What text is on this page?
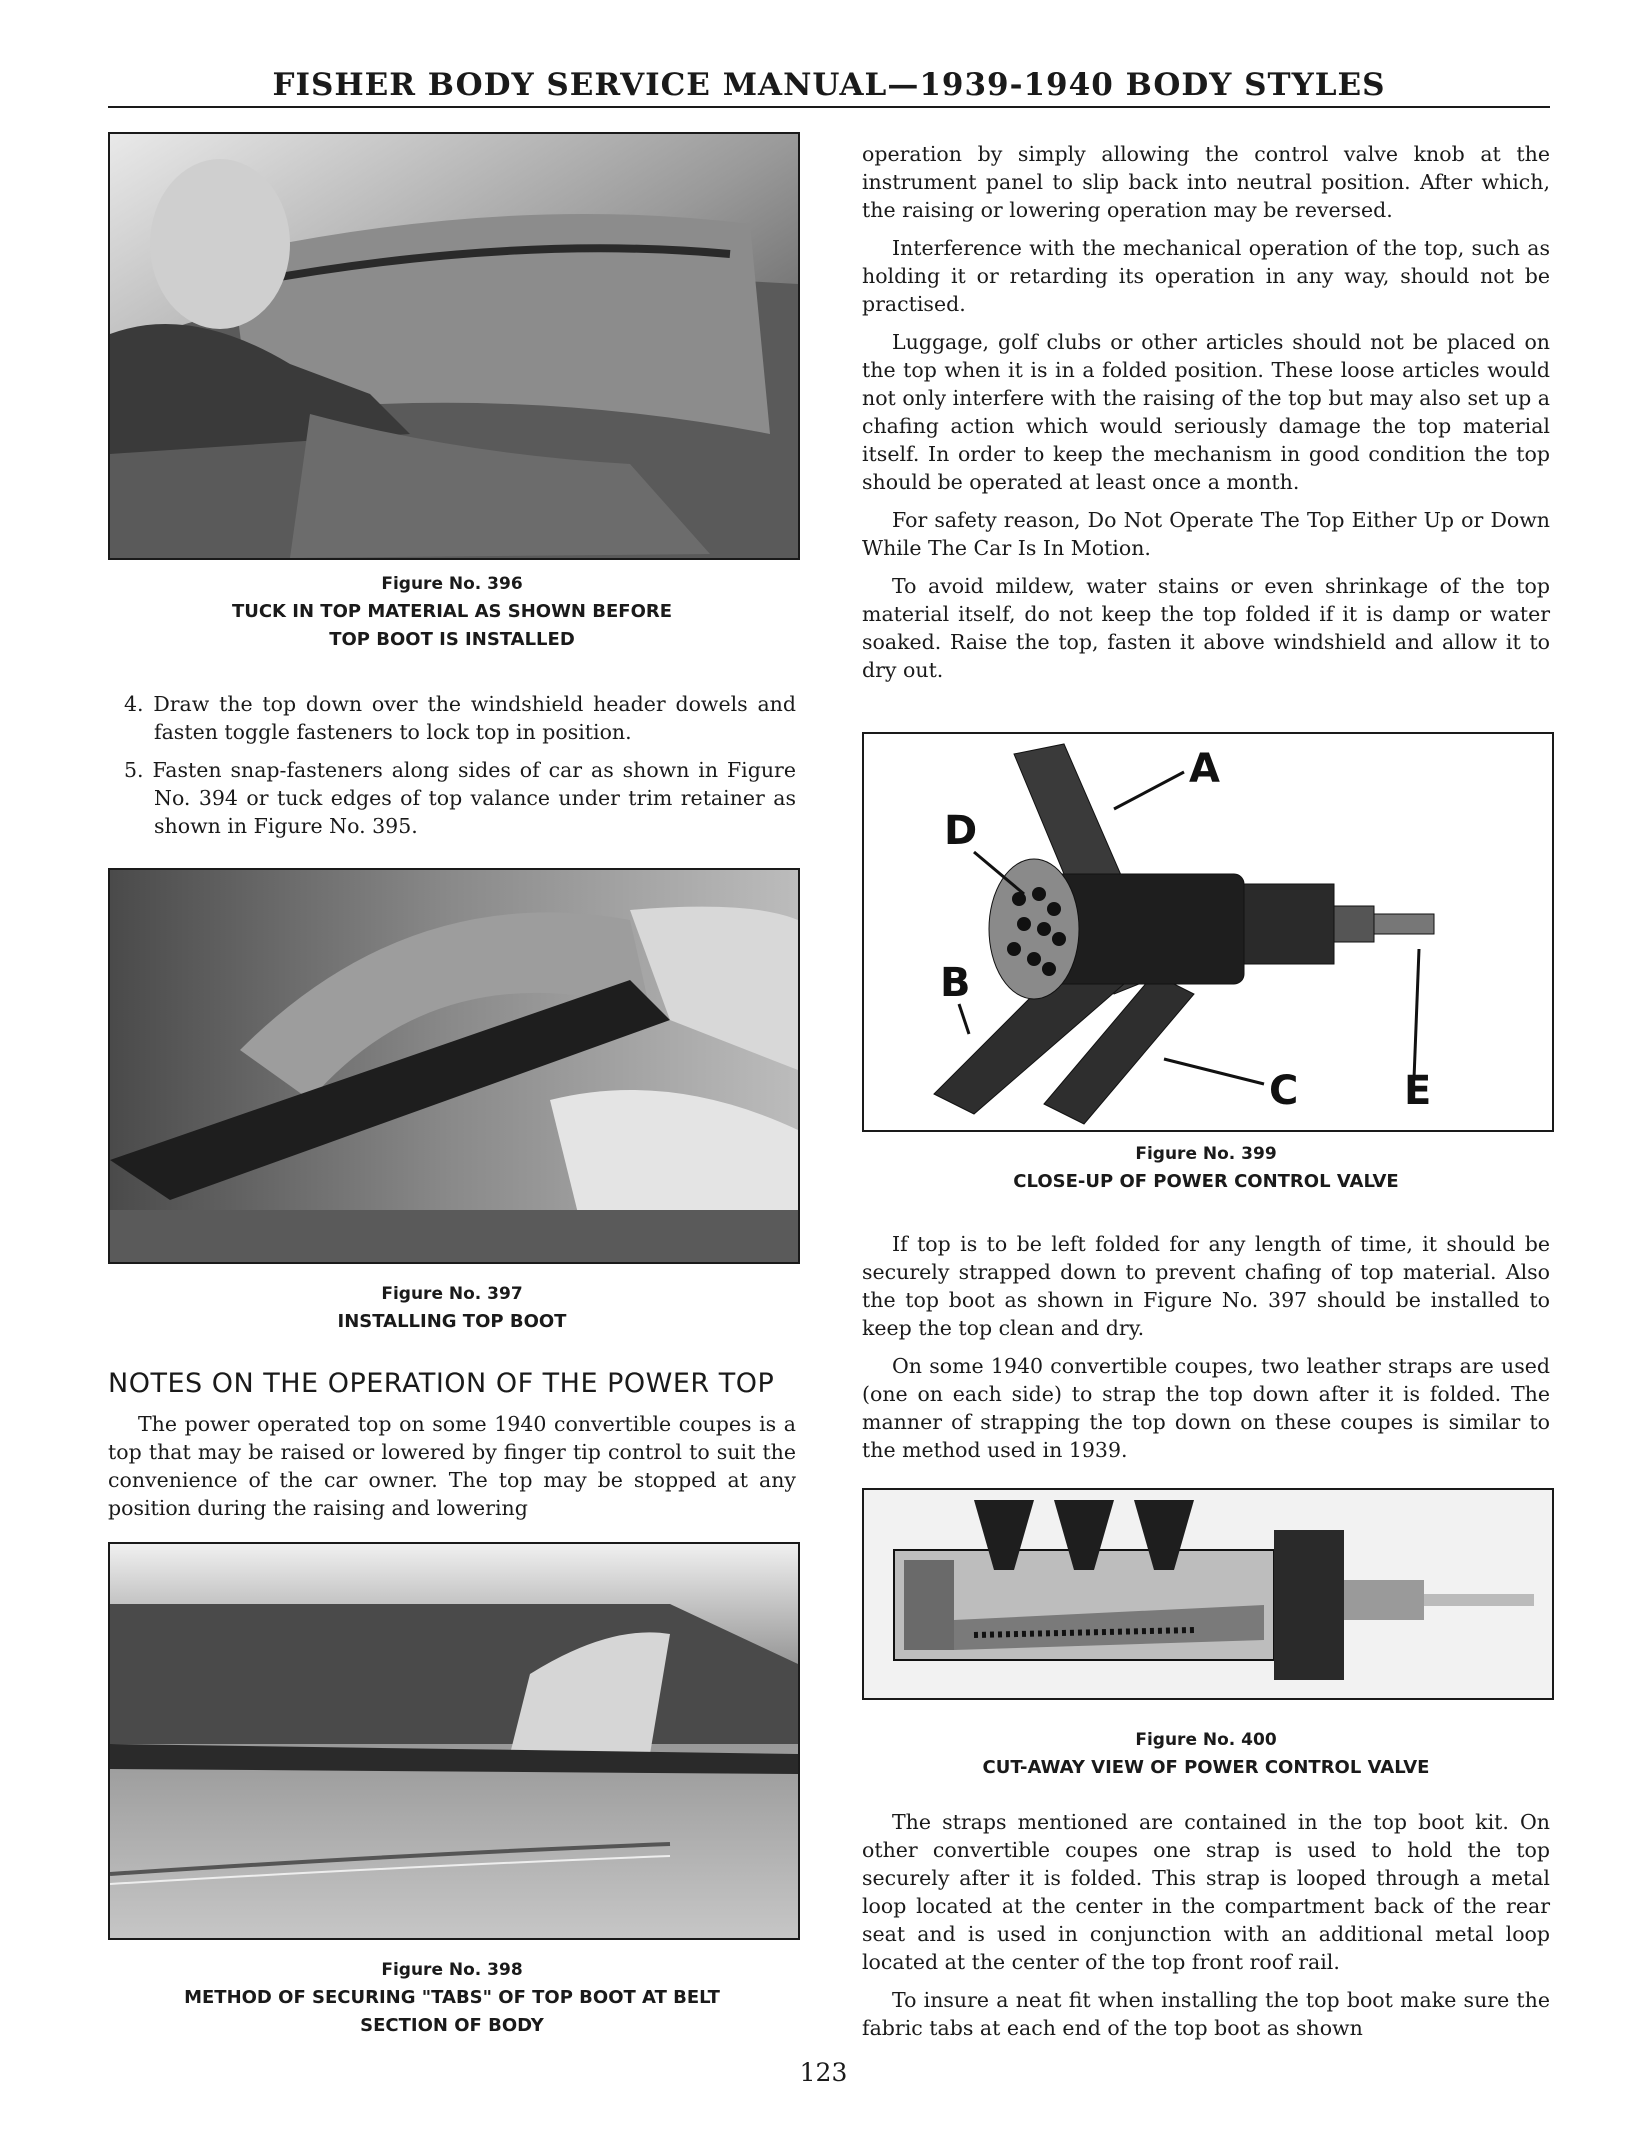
FISHER BODY SERVICE MANUAL—1939-1940 BODY STYLES
Figure No. 396
TUCK IN TOP MATERIAL AS SHOWN BEFORE
TOP BOOT IS INSTALLED

4. Draw the top down over the windshield header dowels and fasten toggle fasteners to lock top in position.

5. Fasten snap-fasteners along sides of car as shown in Figure No. 394 or tuck edges of top valance under trim retainer as shown in Figure No. 395.

Figure No. 397
INSTALLING TOP BOOT
NOTES ON THE OPERATION OF THE POWER TOP

The power operated top on some 1940 convertible coupes is a top that may be raised or lowered by finger tip control to suit the convenience of the car owner. The top may be stopped at any position during the raising and lowering

Figure No. 398
METHOD OF SECURING "TABS" OF TOP BOOT AT BELT
SECTION OF BODY

operation by simply allowing the control valve knob at the instrument panel to slip back into neutral position. After which, the raising or lowering operation may be reversed.

Interference with the mechanical operation of the top, such as holding it or retarding its operation in any way, should not be practised.

Luggage, golf clubs or other articles should not be placed on the top when it is in a folded position. These loose articles would not only interfere with the raising of the top but may also set up a chafing action which would seriously damage the top material itself. In order to keep the mechanism in good condition the top should be operated at least once a month.

For safety reason, Do Not Operate The Top Either Up or Down While The Car Is In Motion.

To avoid mildew, water stains or even shrinkage of the top material itself, do not keep the top folded if it is damp or water soaked. Raise the top, fasten it above windshield and allow it to dry out.

A
D
B
C	E
Figure No. 399
CLOSE-UP OF POWER CONTROL VALVE

If top is to be left folded for any length of time, it should be securely strapped down to prevent chafing of top material. Also the top boot as shown in Figure No. 397 should be installed to keep the top clean and dry.

On some 1940 convertible coupes, two leather straps are used (one on each side) to strap the top down after it is folded. The manner of strapping the top down on these coupes is similar to the method used in 1939.

Figure No. 400
CUT-AWAY VIEW OF POWER CONTROL VALVE

The straps mentioned are contained in the top boot kit. On other convertible coupes one strap is used to hold the top securely after it is folded. This strap is looped through a metal loop located at the center in the compartment back of the rear seat and is used in conjunction with an additional metal loop located at the center of the top front roof rail.

To insure a neat fit when installing the top boot make sure the fabric tabs at each end of the top boot as shown

123
